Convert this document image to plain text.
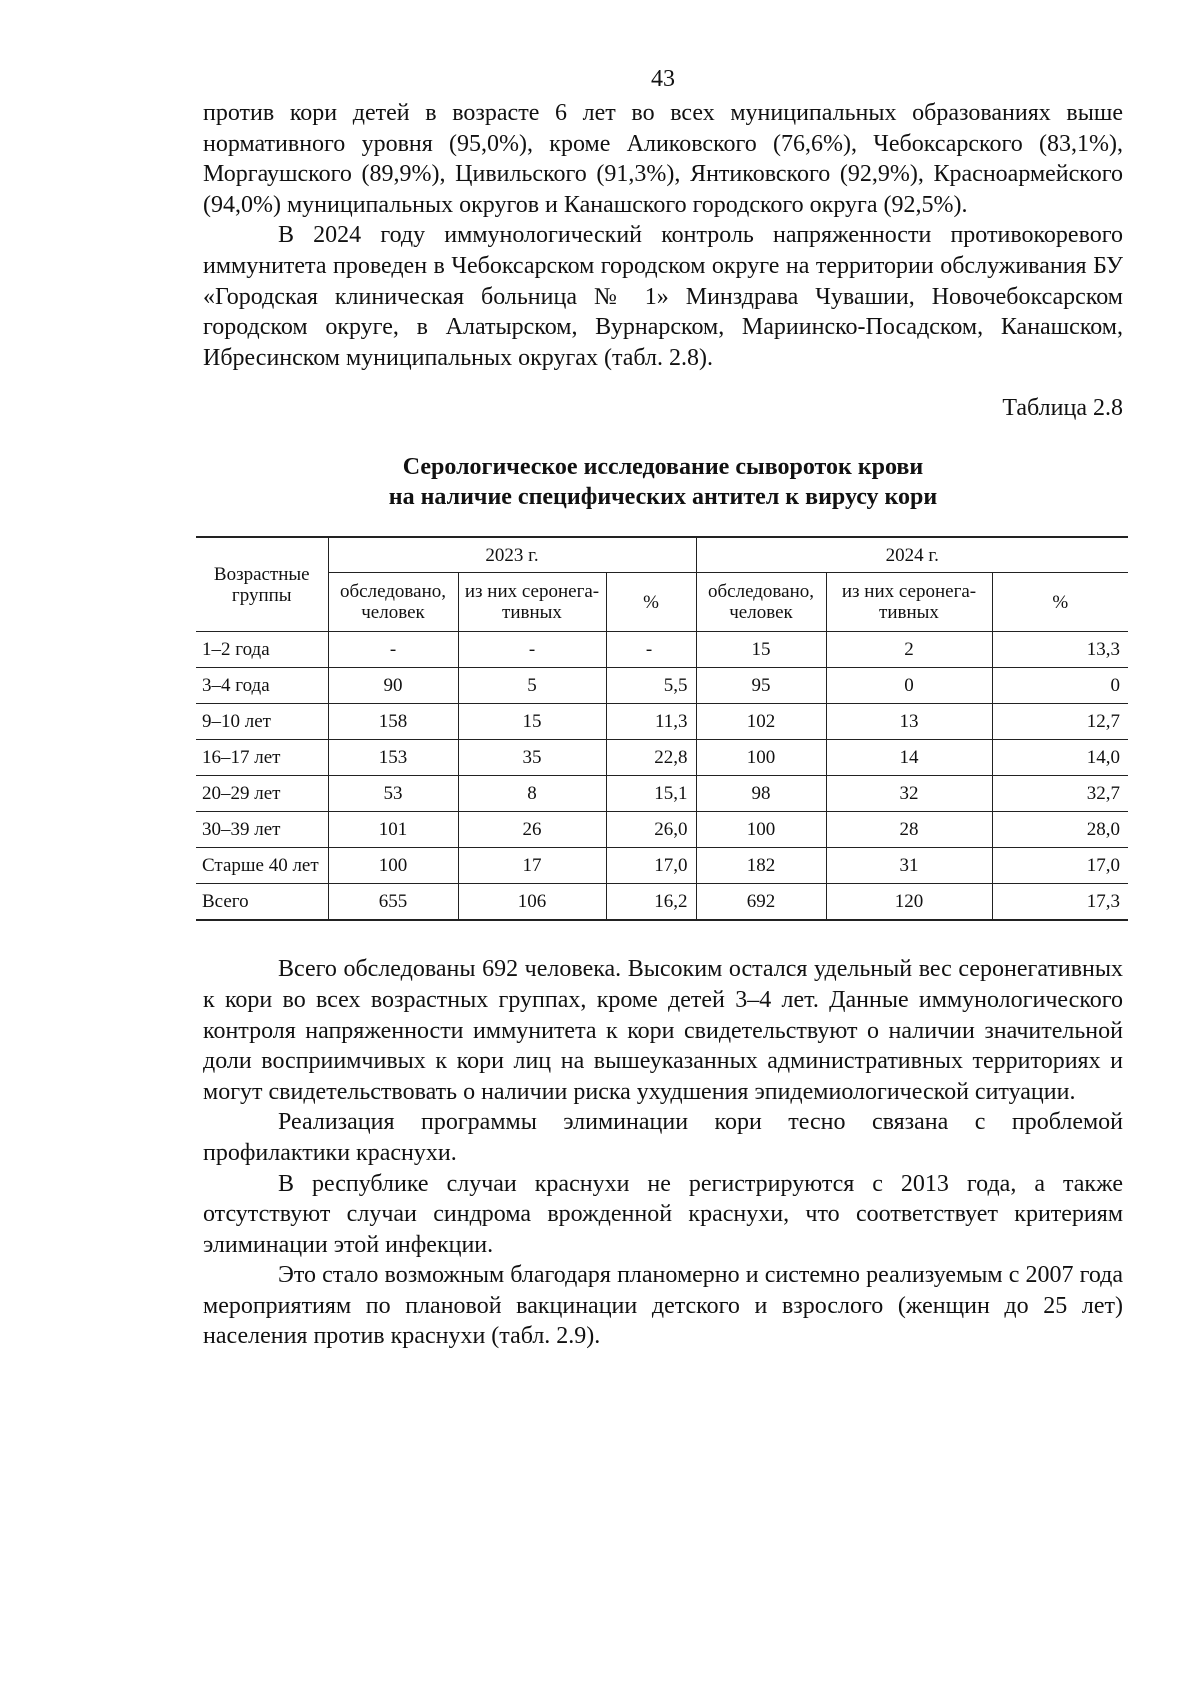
43

против кори детей в возрасте 6 лет во всех муниципальных образованиях выше нормативного уровня (95,0%), кроме Аликовского (76,6%), Чебоксарского (83,1%), Моргаушского (89,9%), Цивильского (91,3%), Янтиковского (92,9%), Красноармейского (94,0%) муниципальных округов и Канашского городского округа (92,5%).

В 2024 году иммунологический контроль напряженности противокоревого иммунитета проведен в Чебоксарском городском округе на территории обслуживания БУ «Городская клиническая больница № 1» Минздрава Чувашии, Новочебоксарском городском округе, в Алатырском, Вурнарском, Мариинско-Посадском, Канашском, Ибресинском муниципальных округах (табл. 2.8).

Таблица 2.8
Серологическое исследование сывороток крови
на наличие специфических антител к вирусу кори
Возрастные группы	2023 г.			2024 г.		
	обследовано, человек	из них серонегативных	%	обследовано, человек	из них серонегативных	%
1–2 года	-	-	-	15	2	13,3
3–4 года	90	5	5,5	95	0	0
9–10 лет	158	15	11,3	102	13	12,7
16–17 лет	153	35	22,8	100	14	14,0
20–29 лет	53	8	15,1	98	32	32,7
30–39 лет	101	26	26,0	100	28	28,0
Старше 40 лет	100	17	17,0	182	31	17,0
Всего	655	106	16,2	692	120	17,3

Всего обследованы 692 человека. Высоким остался удельный вес серонегативных к кори во всех возрастных группах, кроме детей 3–4 лет. Данные иммунологического контроля напряженности иммунитета к кори свидетельствуют о наличии значительной доли восприимчивых к кори лиц на вышеуказанных административных территориях и могут свидетельствовать о наличии риска ухудшения эпидемиологической ситуации.

Реализация программы элиминации кори тесно связана с проблемой профилактики краснухи.

В республике случаи краснухи не регистрируются с 2013 года, а также отсутствуют случаи синдрома врожденной краснухи, что соответствует критериям элиминации этой инфекции.

Это стало возможным благодаря планомерно и системно реализуемым с 2007 года мероприятиям по плановой вакцинации детского и взрослого (женщин до 25 лет) населения против краснухи (табл. 2.9).
